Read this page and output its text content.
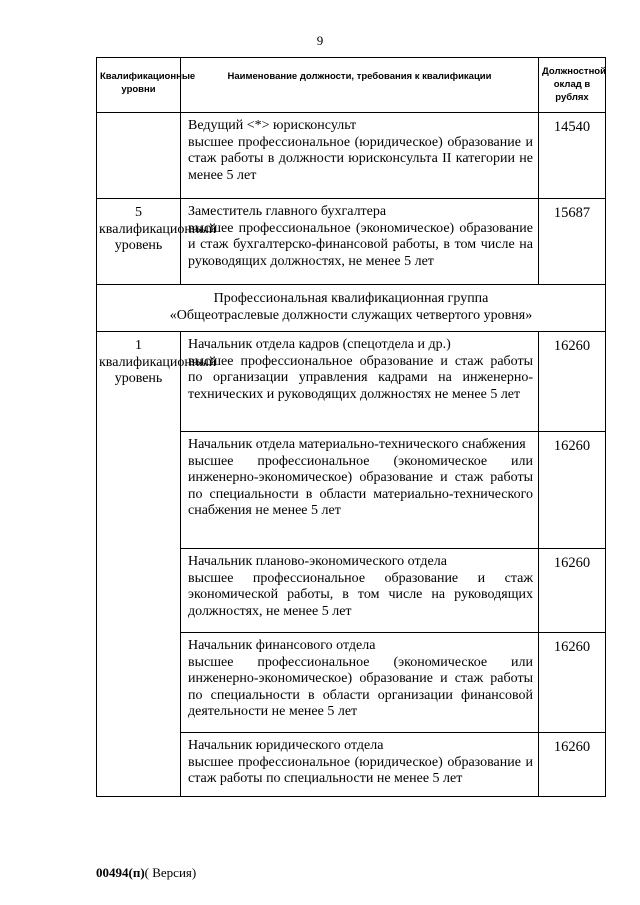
9
Квалификационные уровни	Наименование должности, требования к квалификации	Должностной оклад в рублях

	Ведущий <*> юрисконсульт
высшее профессиональное (юридическое) образование и стаж работы в должности юрисконсульта II категории не менее 5 лет	14540
5 квалификационный уровень	Заместитель главного бухгалтера
высшее профессиональное (экономическое) образование и стаж бухгалтерско-финансовой работы, в том числе на руководящих должностях, не менее 5 лет	15687

Профессиональная квалификационная группа
«Общеотраслевые должности служащих четвертого уровня»		

1 квалификационный уровень	Начальник отдела кадров (спецотдела и др.)
высшее профессиональное образование и стаж работы по организации управления кадрами на инженерно-технических и руководящих должностях не менее 5 лет	16260

	Начальник отдела материально-технического снабжения
высшее профессиональное (экономическое или инженерно-экономическое) образование и стаж работы по специальности в области материально-технического снабжения не менее 5 лет	16260

	Начальник планово-экономического отдела
высшее профессиональное образование и стаж экономической работы, в том числе на руководящих должностях, не менее 5 лет	16260

	Начальник финансового отдела
высшее профессиональное (экономическое или инженерно-экономическое) образование и стаж работы по специальности в области организации финансовой деятельности не менее 5 лет	16260

	Начальник юридического отдела
высшее профессиональное (юридическое) образование и стаж работы по специальности не менее 5 лет	16260
00494(п)( Версия)
